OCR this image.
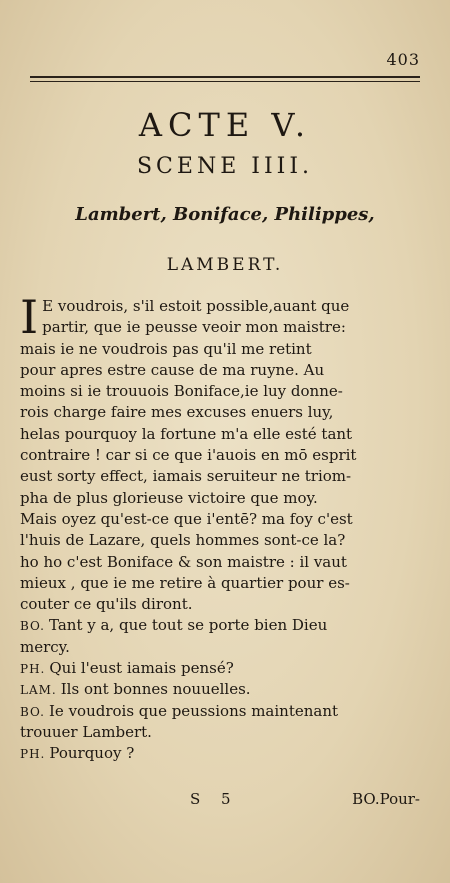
403
ACTE V.
SCENE IIII.
Lambert, Boniface, Philippes,
LAMBERT.
I E voudrois, s'il estoit possible,auant que
partir, que ie peusse veoir mon maistre:
mais ie ne voudrois pas qu'il me retint
pour apres estre cause de ma ruyne. Au
moins si ie trouuois Boniface,ie luy donne-
rois charge faire mes excuses enuers luy,
helas pourquoy la fortune m'a elle esté tant
contraire ! car si ce que i'auois en mō esprit
eust sorty effect, iamais seruiteur ne triom-
pha de plus glorieuse victoire que moy.
Mais oyez qu'est-ce que i'entē? ma foy c'est
l'huis de Lazare, quels hommes sont-ce la?
ho ho c'est Boniface & son maistre : il vaut
mieux , que ie me retire à quartier pour es-
couter ce qu'ils diront.
BO. Tant y a, que tout se porte bien Dieu
mercy.
PH. Qui l'eust iamais pensé?
LAM. Ils ont bonnes nouuelles.
BO. Ie voudrois que peussions maintenant
trouuer Lambert.
PH. Pourquoy ?
S 5	BO.Pour-
